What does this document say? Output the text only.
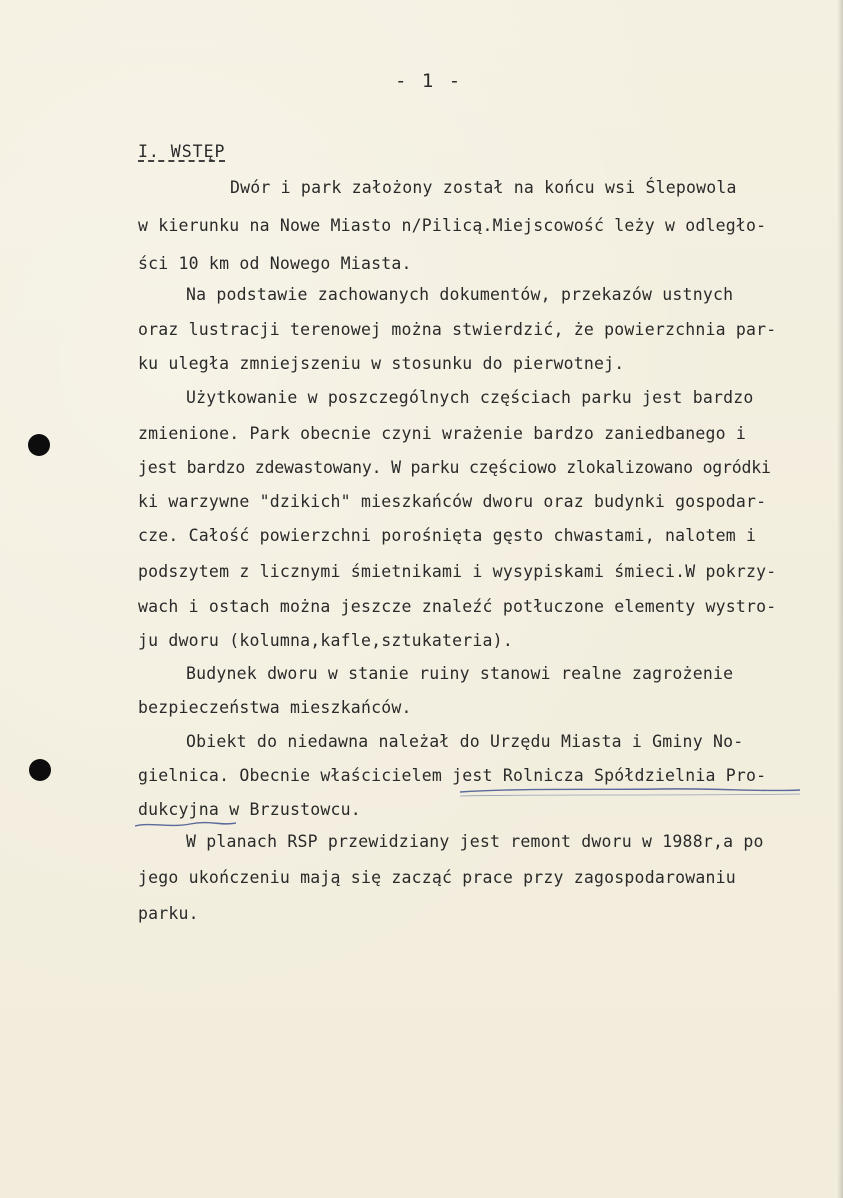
- 1 -
I. WSTĘP
Dwór i park założony został na końcu wsi Ślepowola
w kierunku na Nowe Miasto n/Pilicą.Miejscowość leży w odległo-
ści 10 km od Nowego Miasta.
Na podstawie zachowanych dokumentów, przekazów ustnych
oraz lustracji terenowej można stwierdzić, że powierzchnia par-
ku uległa zmniejszeniu w stosunku do pierwotnej.
Użytkowanie w poszczególnych częściach parku jest bardzo
zmienione. Park obecnie czyni wrażenie bardzo zaniedbanego i
jest bardzo zdewastowany. W parku częściowo zlokalizowano ogródki
ki warzywne "dzikich" mieszkańców dworu oraz budynki gospodar-
cze. Całość powierzchni porośnięta gęsto chwastami, nalotem i
podszytem z licznymi śmietnikami i wysypiskami śmieci.W pokrzy-
wach i ostach można jeszcze znaleźć potłuczone elementy wystro-
ju dworu (kolumna,kafle,sztukateria).
Budynek dworu w stanie ruiny stanowi realne zagrożenie
bezpieczeństwa mieszkańców.
Obiekt do niedawna należał do Urzędu Miasta i Gminy No-
gielnica. Obecnie właścicielem jest Rolnicza Spółdzielnia Pro-
dukcyjna w Brzustowcu.
W planach RSP przewidziany jest remont dworu w 1988r,a po
jego ukończeniu mają się zacząć prace przy zagospodarowaniu
parku.
